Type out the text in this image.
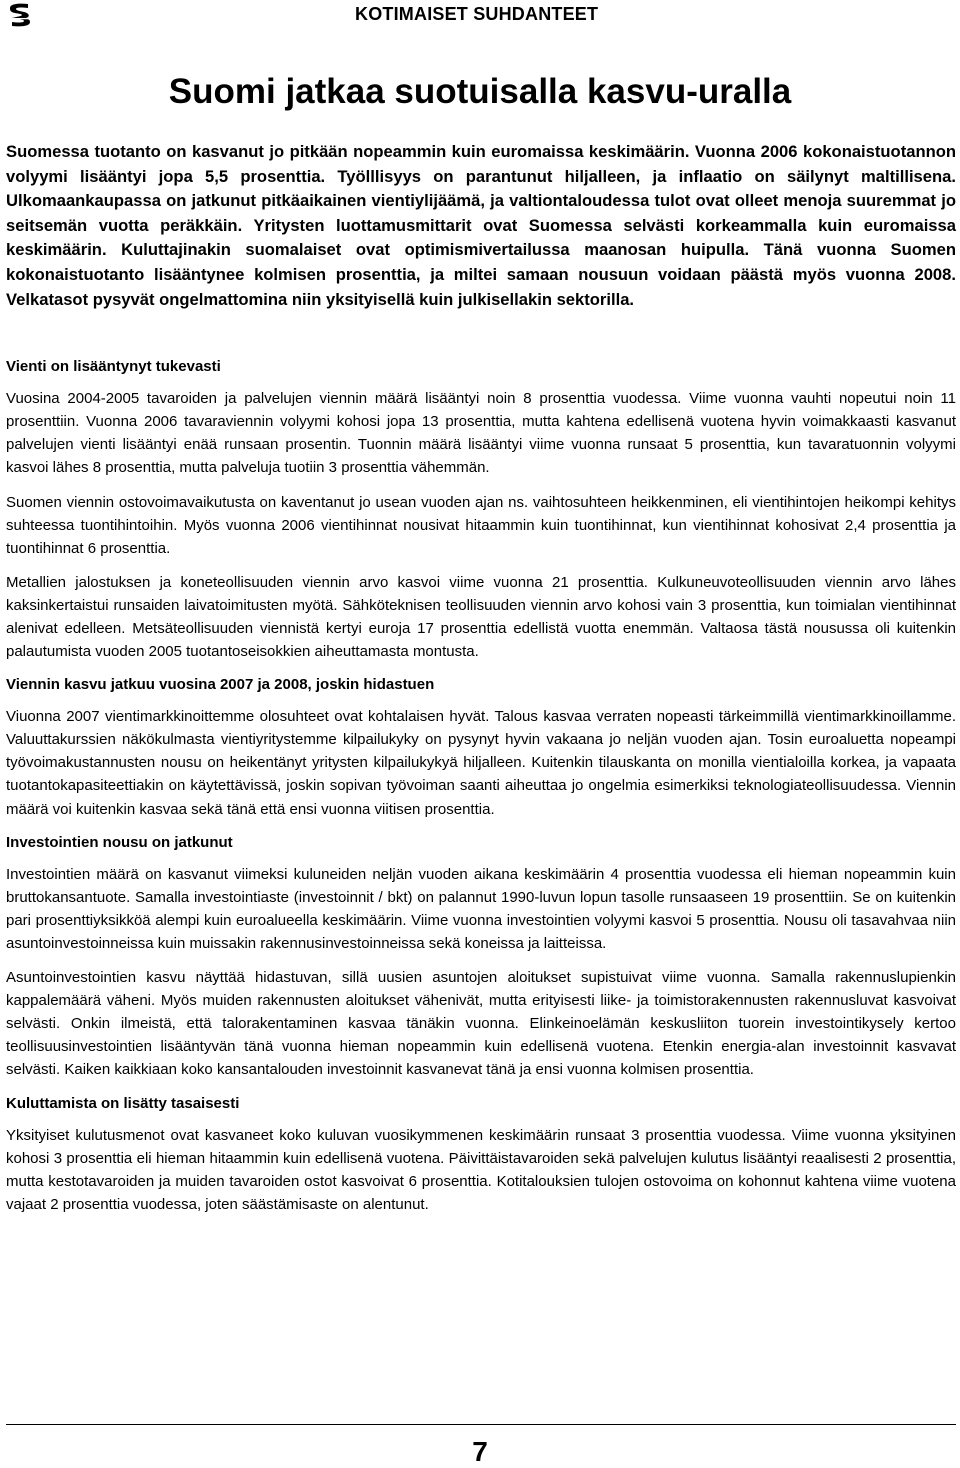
KOTIMAISET SUHDANTEET
Suomi jatkaa suotuisalla kasvu-uralla

Suomessa tuotanto on kasvanut jo pitkään nopeammin kuin euromaissa keskimäärin. Vuonna 2006 kokonaistuotannon volyymi lisääntyi jopa 5,5 prosenttia. Työlllisyys on parantunut hiljalleen, ja inflaatio on säilynyt maltillisena. Ulkomaankaupassa on jatkunut pitkäaikainen vientiylijäämä, ja valtiontaloudessa tulot ovat olleet menoja suuremmat jo seitsemän vuotta peräkkäin. Yritysten luottamusmittarit ovat Suomessa selvästi korkeammalla kuin euromaissa keskimäärin. Kuluttajinakin suomalaiset ovat optimismivertailussa maanosan huipulla. Tänä vuonna Suomen kokonaistuotanto lisääntynee kolmisen prosenttia, ja miltei samaan nousuun voidaan päästä myös vuonna 2008. Velkatasot pysyvät ongelmattomina niin yksityisellä kuin julkisellakin sektorilla.

Vienti on lisääntynyt tukevasti

Vuosina 2004-2005 tavaroiden ja palvelujen viennin määrä lisääntyi noin 8 prosenttia vuodessa. Viime vuonna vauhti nopeutui noin 11 prosenttiin. Vuonna 2006 tavaraviennin volyymi kohosi jopa 13 prosenttia, mutta kahtena edellisenä vuotena hyvin voimakkaasti kasvanut palvelujen vienti lisääntyi enää runsaan prosentin. Tuonnin määrä lisääntyi viime vuonna runsaat 5 prosenttia, kun tavaratuonnin volyymi kasvoi lähes 8 prosenttia, mutta palveluja tuotiin 3 prosenttia vähemmän.

Suomen viennin ostovoimavaikutusta on kaventanut jo usean vuoden ajan ns. vaihtosuhteen heikkenminen, eli vientihintojen heikompi kehitys suhteessa tuontihintoihin. Myös vuonna 2006 vientihinnat nousivat hitaammin kuin tuontihinnat, kun vientihinnat kohosivat 2,4 prosenttia ja tuontihinnat 6 prosenttia.

Metallien jalostuksen ja koneteollisuuden viennin arvo kasvoi viime vuonna 21 prosenttia. Kulkuneuvoteollisuuden viennin arvo lähes kaksinkertaistui runsaiden laivatoimitusten myötä. Sähköteknisen teollisuuden viennin arvo kohosi vain 3 prosenttia, kun toimialan vientihinnat alenivat edelleen. Metsäteollisuuden viennistä kertyi euroja 17 prosenttia edellistä vuotta enemmän. Valtaosa tästä nousussa oli kuitenkin palautumista vuoden 2005 tuotantoseisokkien aiheuttamasta montusta.

Viennin kasvu jatkuu vuosina 2007 ja 2008, joskin hidastuen

Viuonna 2007 vientimarkkinoittemme olosuhteet ovat kohtalaisen hyvät. Talous kasvaa verraten nopeasti tärkeimmillä vientimarkkinoillamme. Valuuttakurssien näkökulmasta vientiyritystemme kilpailukyky on pysynyt hyvin vakaana jo neljän vuoden ajan. Tosin euroaluetta nopeampi työvoimakustannusten nousu on heikentänyt yritysten kilpailukykyä hiljalleen. Kuitenkin tilauskanta on monilla vientialoilla korkea, ja vapaata tuotantokapasiteettiakin on käytettävissä, joskin sopivan työvoiman saanti aiheuttaa jo ongelmia esimerkiksi teknologiateollisuudessa. Viennin määrä voi kuitenkin kasvaa sekä tänä että ensi vuonna viitisen prosenttia.

Investointien nousu on jatkunut

Investointien määrä on kasvanut viimeksi kuluneiden neljän vuoden aikana keskimäärin 4 prosenttia vuodessa eli hieman nopeammin kuin bruttokansantuote. Samalla investointiaste (investoinnit / bkt) on palannut 1990-luvun lopun tasolle runsaaseen 19 prosenttiin. Se on kuitenkin pari prosenttiyksikköä alempi kuin euroalueella keskimäärin. Viime vuonna investointien volyymi kasvoi 5 prosenttia. Nousu oli tasavahvaa niin asuntoinvestoinneissa kuin muissakin rakennusinvestoinneissa sekä koneissa ja laitteissa.

Asuntoinvestointien kasvu näyttää hidastuvan, sillä uusien asuntojen aloitukset supistuivat viime vuonna. Samalla rakennuslupienkin kappalemäärä väheni. Myös muiden rakennusten aloitukset vähenivät, mutta erityisesti liike- ja toimistorakennusten rakennusluvat kasvoivat selvästi. Onkin ilmeistä, että talorakentaminen kasvaa tänäkin vuonna. Elinkeinoelämän keskusliiton tuorein investointikysely kertoo teollisuusinvestointien lisääntyvän tänä vuonna hieman nopeammin kuin edellisenä vuotena. Etenkin energia-alan investoinnit kasvavat selvästi. Kaiken kaikkiaan koko kansantalouden investoinnit kasvanevat tänä ja ensi vuonna kolmisen prosenttia.

Kuluttamista on lisätty tasaisesti

Yksityiset kulutusmenot ovat kasvaneet koko kuluvan vuosikymmenen keskimäärin runsaat 3 prosenttia vuodessa. Viime vuonna yksityinen kohosi 3 prosenttia eli hieman hitaammin kuin edellisenä vuotena. Päivittäistavaroiden sekä palvelujen kulutus lisääntyi reaalisesti 2 prosenttia, mutta kestotavaroiden ja muiden tavaroiden ostot kasvoivat 6 prosenttia. Kotitalouksien tulojen ostovoima on kohonnut kahtena viime vuotena vajaat 2 prosenttia vuodessa, joten säästämisaste on alentunut.

7
